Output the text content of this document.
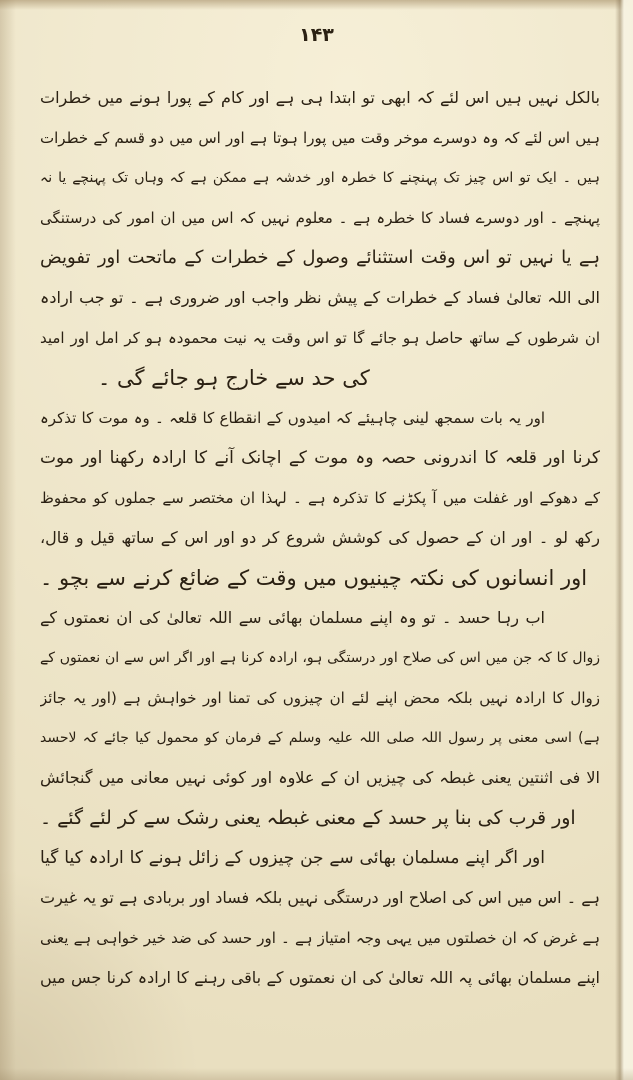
۱۴۳
بالکل نہیں ہیں اس لئے کہ ابھی تو ابتدا ہی ہے اور کام کے پورا ہونے میں خطرات
ہیں اس لئے کہ وہ دوسرے موخر وقت میں پورا ہوتا ہے اور اس میں دو قسم کے خطرات
ہیں ۔ ایک تو اس چیز تک پہنچنے کا خطرہ اور خدشہ ہے ممکن ہے کہ وہاں تک پہنچے یا نہ
پہنچے ۔ اور دوسرے فساد کا خطرہ ہے ۔ معلوم نہیں کہ اس میں ان امور کی درستنگی
ہے یا نہیں تو اس وقت استثنائے وصول کے خطرات کے ماتحت اور تفویض
الی اللہ تعالیٰ فساد کے خطرات کے پیش نظر واجب اور ضروری ہے ۔ تو جب ارادہ
ان شرطوں کے ساتھ حاصل ہو جائے گا تو اس وقت یہ نیت محمودہ ہو کر امل اور امید
کی حد سے خارج ہو جائے گی ۔
اور یہ بات سمجھ لینی چاہیئے کہ امیدوں کے انقطاع کا قلعہ ۔ وہ موت کا تذکرہ
کرنا اور قلعہ کا اندرونی حصہ وہ موت کے اچانک آنے کا ارادہ رکھنا اور موت
کے دھوکے اور غفلت میں آ پکڑنے کا تذکرہ ہے ۔ لہذا ان مختصر سے جملوں کو محفوظ
رکھ لو ۔ اور ان کے حصول کی کوشش شروع کر دو اور اس کے ساتھ قیل و قال،
اور انسانوں کی نکتہ چینیوں میں وقت کے ضائع کرنے سے بچو ۔
اب رہا حسد ۔ تو وہ اپنے مسلمان بھائی سے اللہ تعالیٰ کی ان نعمتوں کے
زوال کا کہ جن میں اس کی صلاح اور درستگی ہو، ارادہ کرنا ہے اور اگر اس سے ان نعمتوں کے
زوال کا ارادہ نہیں بلکہ محض اپنے لئے ان چیزوں کی تمنا اور خواہش ہے (اور یہ جائز
ہے) اسی معنی پر رسول اللہ صلی اللہ علیہ وسلم کے فرمان کو محمول کیا جائے کہ لاحسد
الا فی اثنتین یعنی غبطہ کی چیزیں ان کے علاوہ اور کوئی نہیں معانی میں گنجائش
اور قرب کی بنا پر حسد کے معنی غبطہ یعنی رشک سے کر لئے گئے ۔
اور اگر اپنے مسلمان بھائی سے جن چیزوں کے زائل ہونے کا ارادہ کیا گیا
ہے ۔ اس میں اس کی اصلاح اور درستگی نہیں بلکہ فساد اور بربادی ہے تو یہ غیرت
ہے غرض کہ ان خصلتوں میں یہی وجہ امتیاز ہے ۔ اور حسد کی ضد خیر خواہی ہے یعنی
اپنے مسلمان بھائی پہ اللہ تعالیٰ کی ان نعمتوں کے باقی رہنے کا ارادہ کرنا جس میں
